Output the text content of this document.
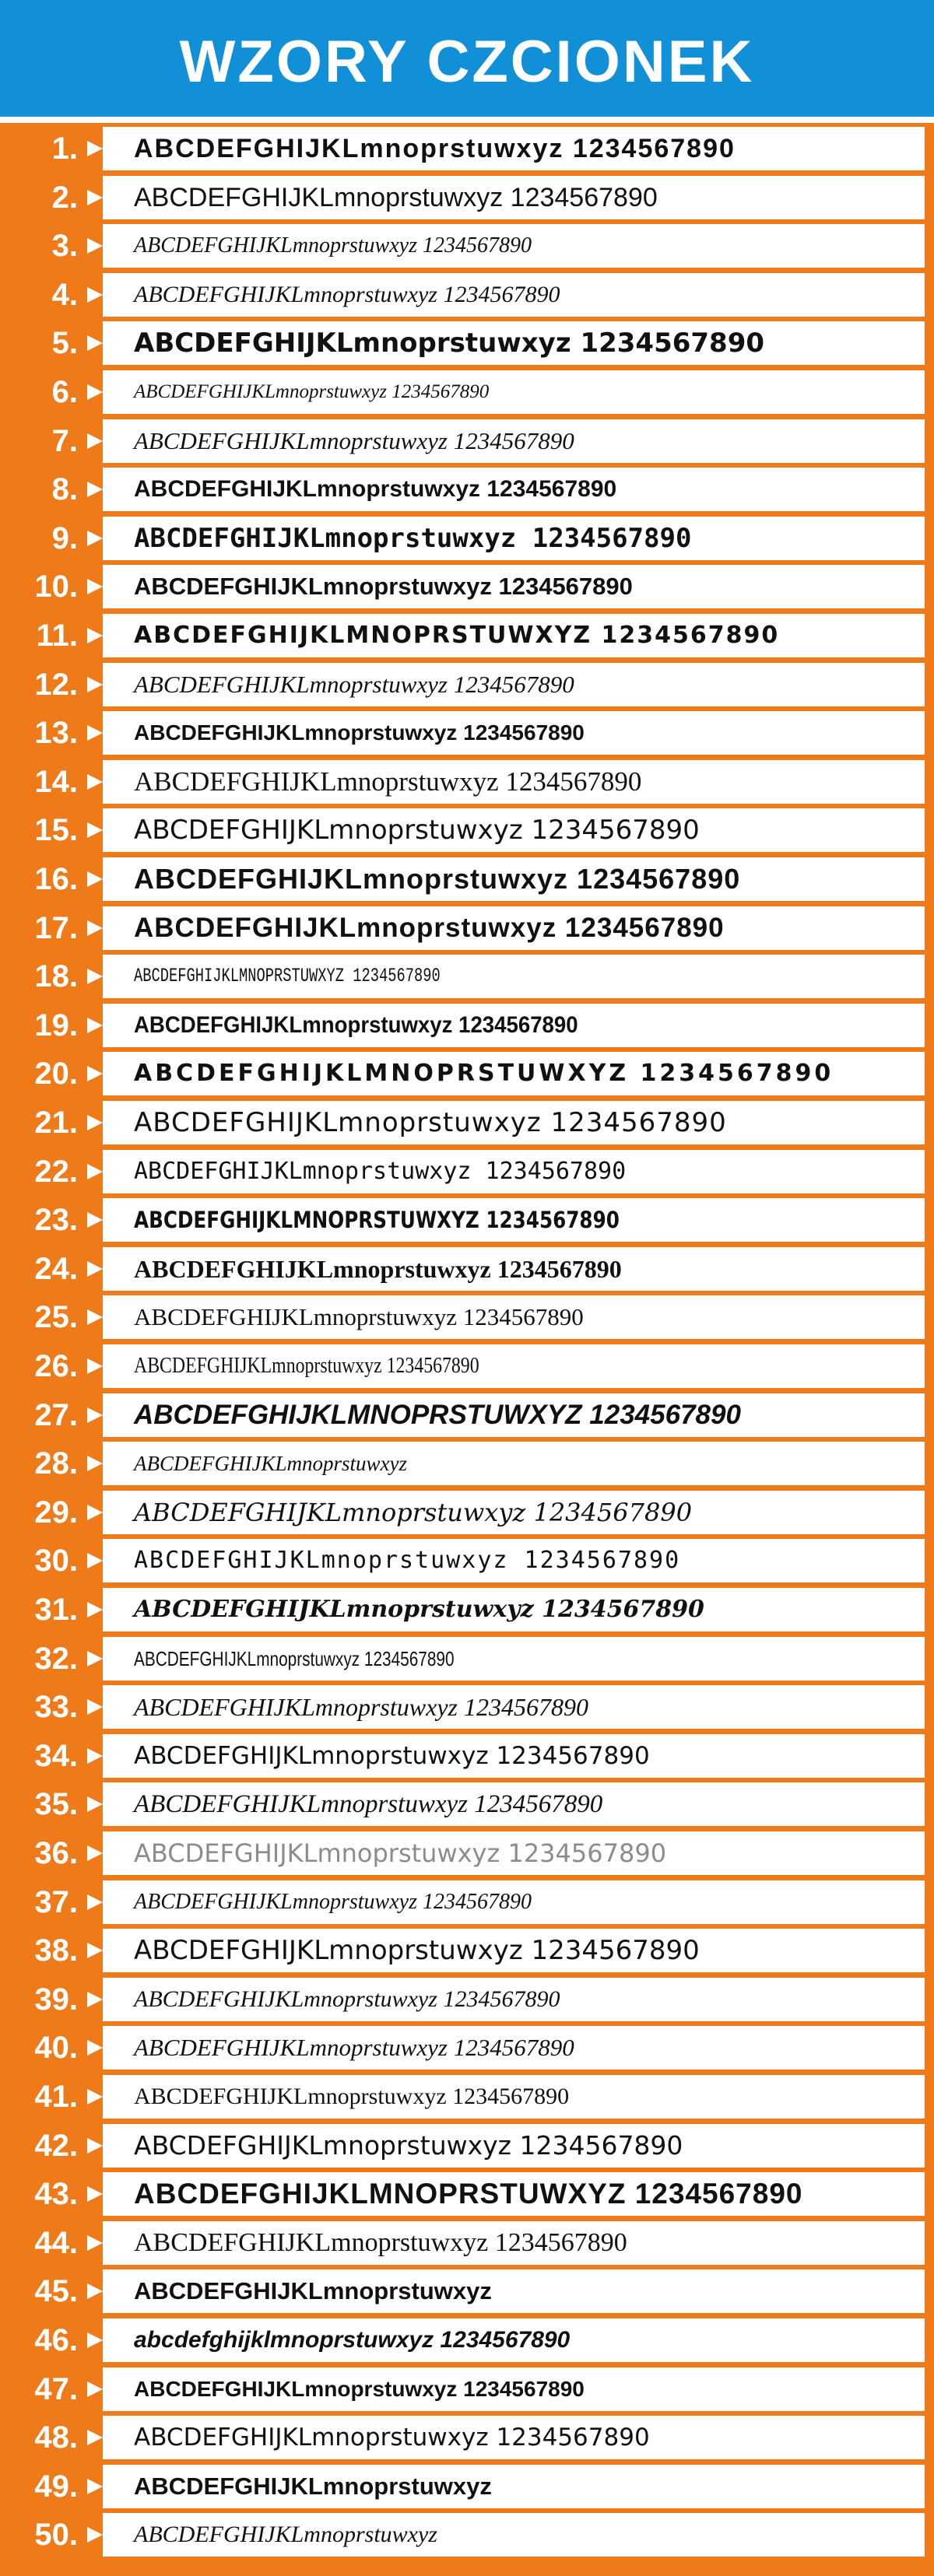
WZORY CZCIONEK
1. ABCDEFGHIJKLmnoprstuwxyz 1234567890
2. ABCDEFGHIJKLmnoprstuwxyz 1234567890
3.	ABCDEFGHIJKLmnoprstuwxyz 1234567890
4. ABCDEFGHIJKLmnoprstuwxyz 1234567890
5. ABCDEFGHIJKLmnoprstuwxyz 1234567890
6.	ABCDEFGHIJKLmnoprstuwxyz 1234567890
7. ABCDEFGHIJKLmnoprstuwxyz 1234567890
8. ABCDEFGHIJKLmnoprstuwxyz 1234567890
9. ABCDEFGHIJKLmnoprstuwxyz 1234567890
10. ABCDEFGHIJKLmnoprstuwxyz 1234567890
11. ABCDEFGHIJKLMNOPRSTUWXYZ 1234567890
12. ABCDEFGHIJKLmnoprstuwxyz 1234567890
13.	ABCDEFGHIJKLmnoprstuwxyz 1234567890
14. ABCDEFGHIJKLmnoprstuwxyz 1234567890
15. ABCDEFGHIJKLmnoprstuwxyz 1234567890
16. ABCDEFGHIJKLmnoprstuwxyz 1234567890
17. ABCDEFGHIJKLmnoprstuwxyz 1234567890
18.	ABCDEFGHIJKLMNOPRSTUWXYZ 1234567890
19. ABCDEFGHIJKLmnoprstuwxyz 1234567890
20. ABCDEFGHIJKLMNOPRSTUWXYZ 1234567890
21. ABCDEFGHIJKLmnoprstuwxyz 1234567890
22. ABCDEFGHIJKLmnoprstuwxyz 1234567890
23. ABCDEFGHIJKLMNOPRSTUWXYZ 1234567890
24. ABCDEFGHIJKLmnoprstuwxyz 1234567890
25. ABCDEFGHIJKLmnoprstuwxyz 1234567890
26.	ABCDEFGHIJKLmnoprstuwxyz 1234567890
27. ABCDEFGHIJKLMNOPRSTUWXYZ 1234567890
28.	ABCDEFGHIJKLmnoprstuwxyz
29. ABCDEFGHIJKLmnoprstuwxyz 1234567890
30. ABCDEFGHIJKLmnoprstuwxyz 1234567890
31. ABCDEFGHIJKLmnoprstuwxyz 1234567890
32.	ABCDEFGHIJKLmnoprstuwxyz 1234567890
33. ABCDEFGHIJKLmnoprstuwxyz 1234567890
34. ABCDEFGHIJKLmnoprstuwxyz 1234567890
35. ABCDEFGHIJKLmnoprstuwxyz 1234567890
36. ABCDEFGHIJKLmnoprstuwxyz 1234567890
37.	ABCDEFGHIJKLmnoprstuwxyz 1234567890
38. ABCDEFGHIJKLmnoprstuwxyz 1234567890
39. ABCDEFGHIJKLmnoprstuwxyz 1234567890
40. ABCDEFGHIJKLmnoprstuwxyz 1234567890
41. ABCDEFGHIJKLmnoprstuwxyz 1234567890
42. ABCDEFGHIJKLmnoprstuwxyz 1234567890
43. ABCDEFGHIJKLMNOPRSTUWXYZ 1234567890
44. ABCDEFGHIJKLmnoprstuwxyz 1234567890
45. ABCDEFGHIJKLmnoprstuwxyz
46. abcdefghijklmnoprstuwxyz 1234567890
47.	ABCDEFGHIJKLmnoprstuwxyz 1234567890
48. ABCDEFGHIJKLmnoprstuwxyz 1234567890
49. ABCDEFGHIJKLmnoprstuwxyz
50. ABCDEFGHIJKLmnoprstuwxyz
